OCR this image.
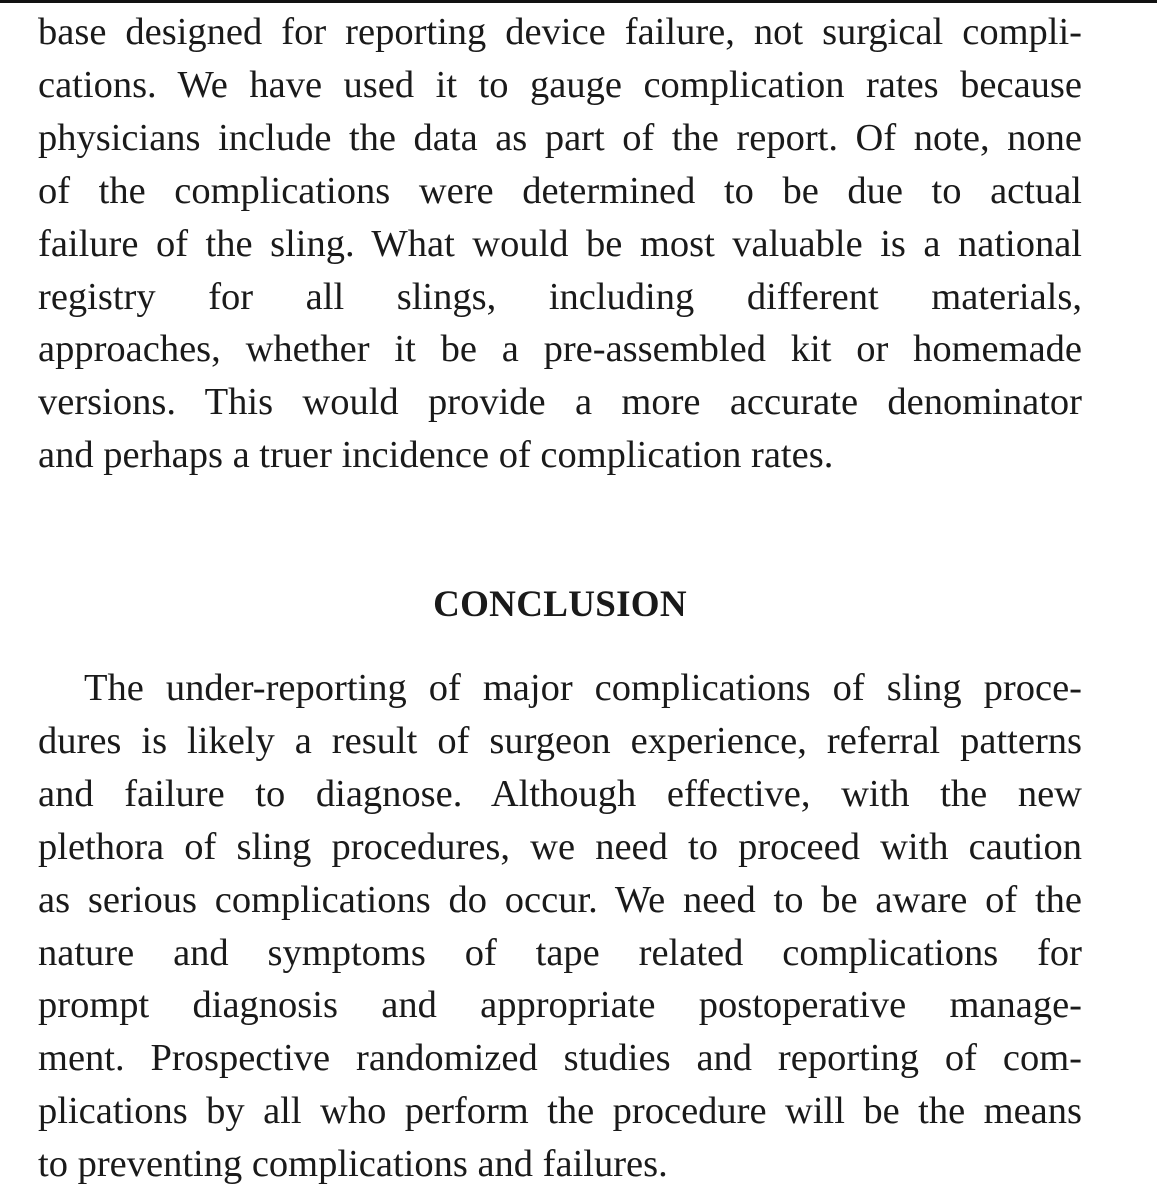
base designed for reporting device failure, not surgical compli-
cations. We have used it to gauge complication rates because
physicians include the data as part of the report. Of note, none
of the complications were determined to be due to actual
failure of the sling. What would be most valuable is a national
registry for all slings, including different materials,
approaches, whether it be a pre-assembled kit or homemade
versions. This would provide a more accurate denominator
and perhaps a truer incidence of complication rates.
CONCLUSION
The under-reporting of major complications of sling proce-
dures is likely a result of surgeon experience, referral patterns
and failure to diagnose. Although effective, with the new
plethora of sling procedures, we need to proceed with caution
as serious complications do occur. We need to be aware of the
nature and symptoms of tape related complications for
prompt diagnosis and appropriate postoperative manage-
ment. Prospective randomized studies and reporting of com-
plications by all who perform the procedure will be the means
to preventing complications and failures.
